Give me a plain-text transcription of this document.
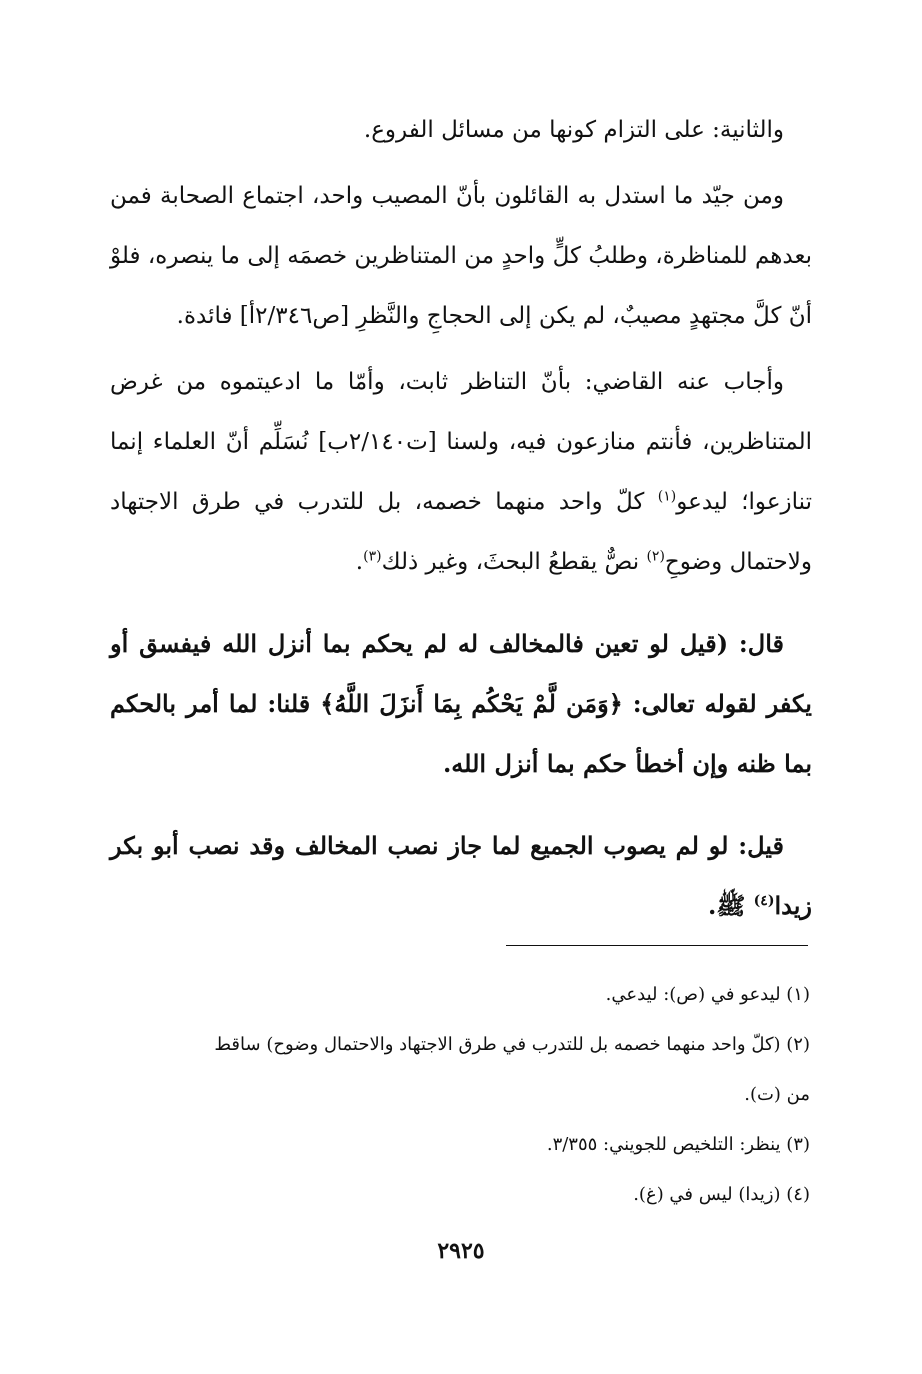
والثانية: على التزام كونها من مسائل الفروع.

ومن جيّد ما استدل به القائلون بأنّ المصيب واحد، اجتماع الصحابة فمن بعدهم للمناظرة، وطلبُ كلٍّ واحدٍ من المتناظرين خصمَه إلى ما ينصره، فلوْ أنّ كلَّ مجتهدٍ مصيبٌ، لم يكن إلى الحجاجِ والنَّظرِ [ص٢/٣٤٦أ] فائدة.

وأجاب عنه القاضي: بأنّ التناظر ثابت، وأمّا ما ادعيتموه من غرض المتناظرين، فأنتم منازعون فيه، ولسنا [ت٢/١٤٠ب] نُسَلِّم أنّ العلماء إنما تنازعوا؛ ليدعو$^{(١)}$ كلّ واحد منهما خصمه، بل للتدرب في طرق الاجتهاد ولاحتمال وضوحِ$^{(٢)}$ نصٌّ يقطعُ البحثَ، وغير ذلك$^{(٣)}$.

قال: (قيل لو تعين فالمخالف له لم يحكم بما أنزل الله فيفسق أو يكفر لقوله تعالى: ﴿وَمَن لَّمْ يَحْكُم بِمَا أَنزَلَ اللَّهُ﴾ قلنا: لما أمر بالحكم بما ظنه وإن أخطأ حكم بما أنزل الله.

قيل: لو لم يصوب الجميع لما جاز نصب المخالف وقد نصب أبو بكر زيدا$^{(٤)}$ ﷺ.

(١) ليدعو في (ص): ليدعي.

(٢) (كلّ واحد منهما خصمه بل للتدرب في طرق الاجتهاد والاحتمال وضوح) ساقط

من (ت).

(٣) ينظر: التلخيص للجويني: ٣/٣٥٥.

(٤) (زيدا) ليس في (غ).

٢٩٢٥
